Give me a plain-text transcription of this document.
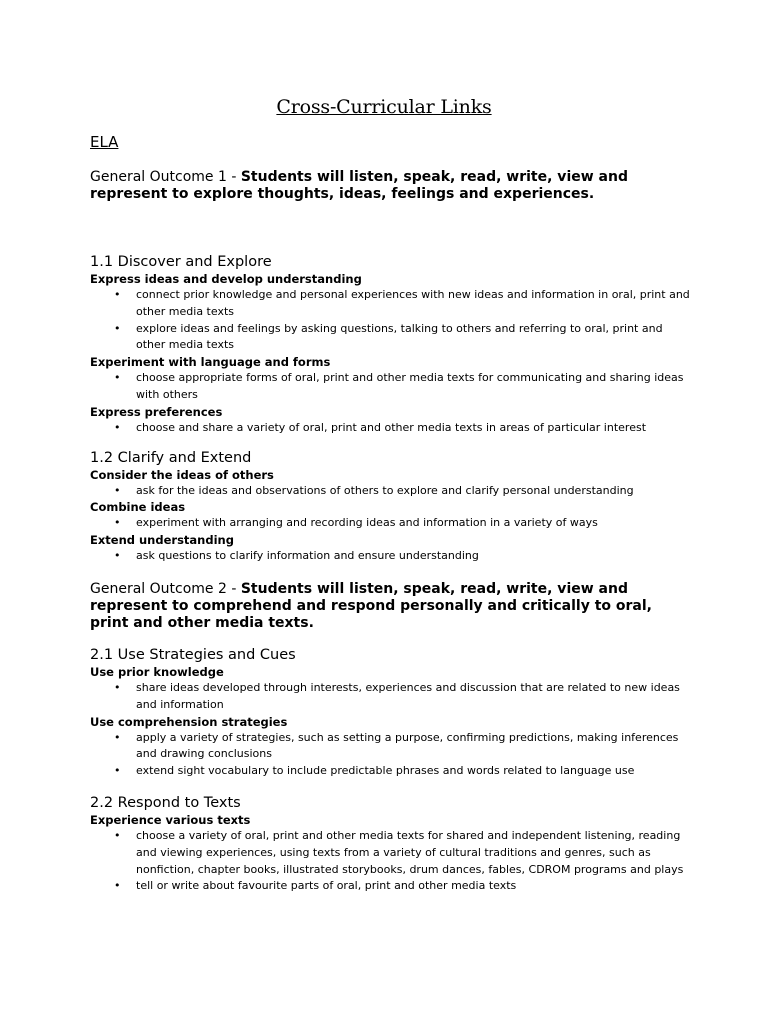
Cross-Curricular Links
ELA

General Outcome 1 - Students will listen, speak, read, write, view and represent to explore thoughts, ideas, feelings and experiences.

1.1 Discover and Explore

Express ideas and develop understanding

• connect prior knowledge and personal experiences with new ideas and information in oral, print and other media texts
• explore ideas and feelings by asking questions, talking to others and referring to oral, print and other media texts

Experiment with language and forms

• choose appropriate forms of oral, print and other media texts for communicating and sharing ideas with others

Express preferences

• choose and share a variety of oral, print and other media texts in areas of particular interest

1.2 Clarify and Extend

Consider the ideas of others

• ask for the ideas and observations of others to explore and clarify personal understanding

Combine ideas

• experiment with arranging and recording ideas and information in a variety of ways

Extend understanding

• ask questions to clarify information and ensure understanding

General Outcome 2 - Students will listen, speak, read, write, view and represent to comprehend and respond personally and critically to oral, print and other media texts.

2.1 Use Strategies and Cues

Use prior knowledge

• share ideas developed through interests, experiences and discussion that are related to new ideas and information

Use comprehension strategies

• apply a variety of strategies, such as setting a purpose, confirming predictions, making inferences and drawing conclusions
• extend sight vocabulary to include predictable phrases and words related to language use

2.2 Respond to Texts

Experience various texts

• choose a variety of oral, print and other media texts for shared and independent listening, reading and viewing experiences, using texts from a variety of cultural traditions and genres, such as nonfiction, chapter books, illustrated storybooks, drum dances, fables, CDROM programs and plays
• tell or write about favourite parts of oral, print and other media texts
